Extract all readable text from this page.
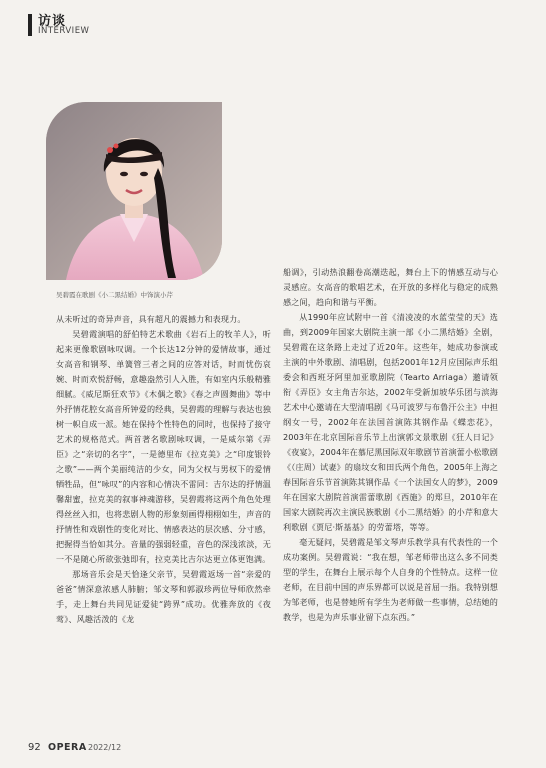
访谈
INTERVIEW
吴碧霞在歌剧《小二黑结婚》中饰演小芹

从未听过的奇异声音，具有超凡的震撼力和表现力。

吴碧霞演唱的舒伯特艺术歌曲《岩石上的牧羊人》，听起来更像歌剧咏叹调。一个长达12分钟的爱情故事，通过女高音和钢琴、单簧管三者之间的应答对话，时而忧伤哀婉、时而欢悦舒畅，意趣盎然引人入胜，有如室内乐般精雅细腻。《威尼斯狂欢节》《木偶之歌》《春之声圆舞曲》等中外抒情花腔女高音所钟爱的经典，吴碧霞的理解与表达也独树一帜自成一派。她在保持个性特色的同时，也保持了接守艺术的规格范式。两首著名歌剧咏叹调，一是威尔第《弄臣》之“亲切的名字”，一是德里布《拉克美》之“印度银铃之歌”——两个美丽纯洁的少女，同为父权与男权下的爱情牺牲品，但“咏叹”的内容和心情决不雷同：吉尔达的抒情温馨甜蜜，拉克美的叙事神魂游移，吴碧霞将这两个角色处理得丝丝入扣，也将悲剧人物的形象刻画得栩栩如生，声音的抒情性和戏剧性的变化对比、情感表达的层次感、分寸感，把握得当恰如其分。音量的强弱轻重，音色的深浅浓淡，无一不是随心所欲张弛即有，拉克美比吉尔达更立体更饱满。

那场音乐会是天恰逢父亲节，吴碧霞返场一首“亲爱的爸爸”情深意浓感人肺腑；邹文琴和郭淑珍两位导师欣然牵手，走上舞台共同见证爱徒“跨界”成功。优雅奔放的《夜莺》、风趣活泼的《龙

船调》，引动热浪翻卷高潮迭起，舞台上下的情感互动与心灵感应。女高音的歌唱艺术，在开放的多样化与稳定的成熟感之间，趋向和谐与平衡。

从1990年应试附中一首《清凌凌的水蓝莹莹的天》选曲，到2009年国家大剧院主演一部《小二黑结婚》全剧，吴碧霞在这条路上走过了近20年。这些年，她成功参演或主演的中外歌剧、清唱剧，包括2001年12月应国际声乐组委会和西班牙阿里加亚歌剧院（Tearto Arriaga）邀请领衔《弄臣》女主角吉尔达，2002年受新加坡华乐团与滨海艺术中心邀请在大型清唱剧《马可波罗与布鲁汗公主》中担纲女一号，2002年在法国首演陈其钢作品《蝶恋花》，2003年在北京国际音乐节上出演郭文景歌剧《狂人日记》《夜宴》，2004年在慕尼黑国际双年歌剧节首演蕾小松歌剧《（庄周）试妻》的扇坟女和田氏两个角色，2005年上海之春国际音乐节首演陈其钢作品《一个法国女人的梦》，2009年在国家大剧院首演雷蕾歌剧《西施》的郑旦，2010年在国家大剧院再次主演民族歌剧《小二黑结婚》的小芹和意大利歌剧《贾尼·斯基基》的劳蕾塔，等等。

毫无疑问，吴碧霞是邹文琴声乐教学具有代表性的一个成功案例。吴碧霞说：“我在想，邹老师带出这么多不同类型的学生，在舞台上展示每个人自身的个性特点。这样一位老师，在目前中国的声乐界都可以说是首屈一指。我特别想为邹老师，也是替她所有学生为老师做一些事情，总结她的教学，也是为声乐事业留下点东西。”

92 OPERA 2022/12
